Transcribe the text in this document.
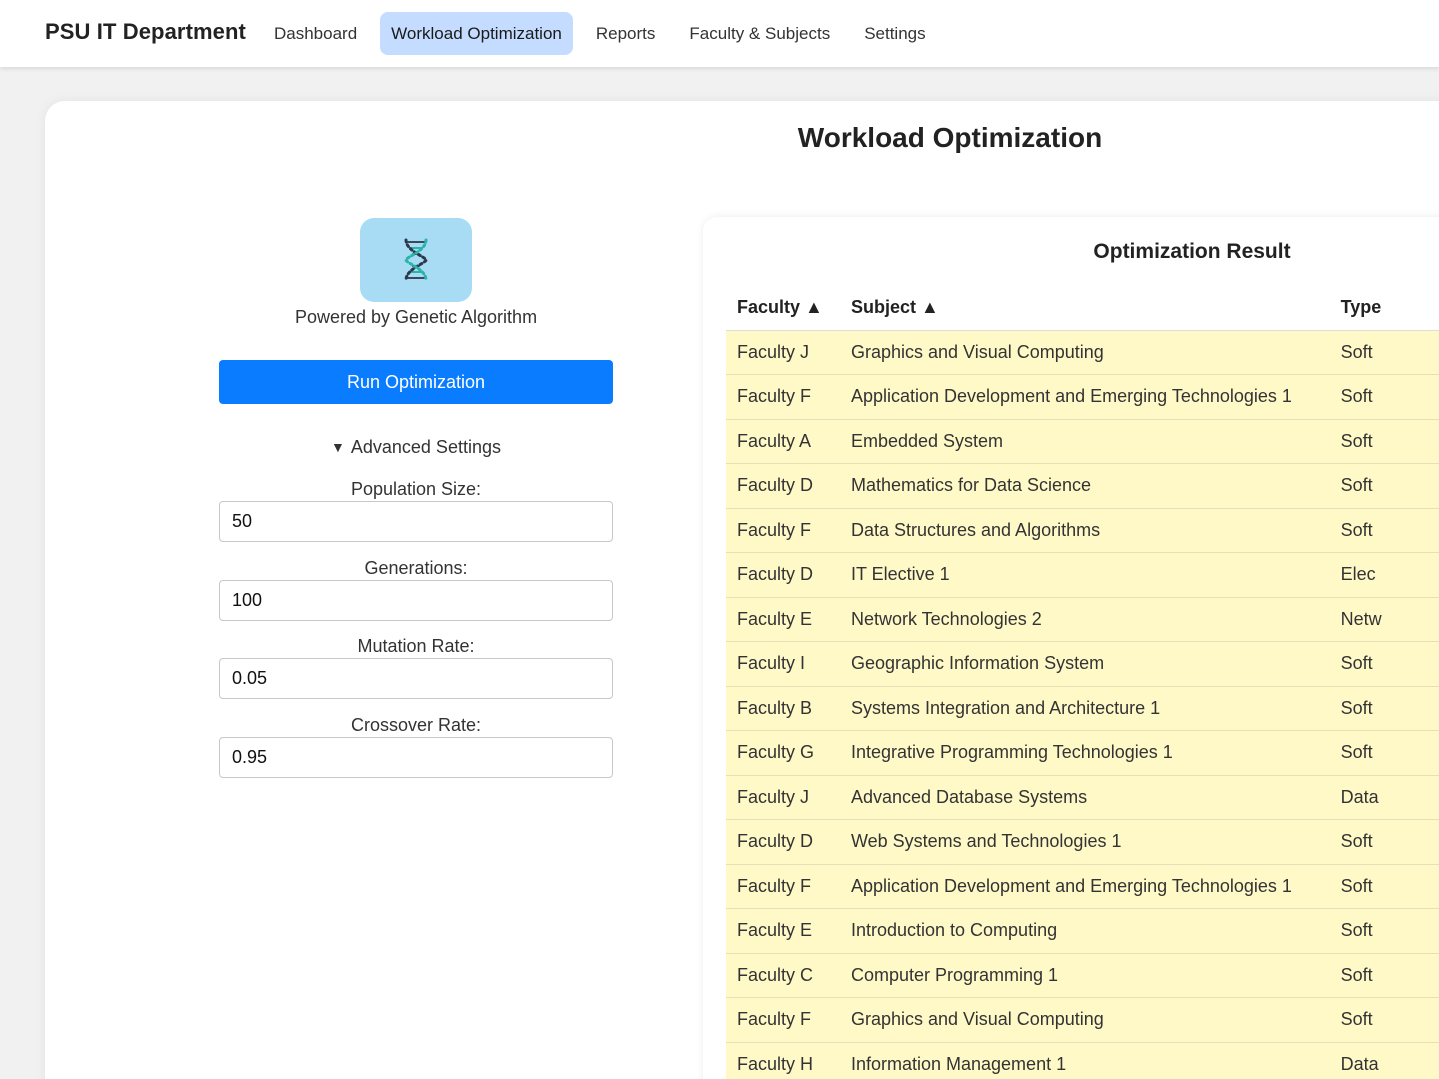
PSU IT Department	Dashboard	Workload Optimization	Reports	Faculty & Subjects	Settings
Workload Optimization
Powered by Genetic Algorithm
Run Optimization
▼ Advanced Settings
Population Size:
50
Generations:
100
Mutation Rate:
0.05
Crossover Rate:
0.95
Optimization Result
Faculty ▲	Subject ▲	Type
Faculty J	Graphics and Visual Computing	Soft
Faculty F	Application Development and Emerging Technologies 1	Soft
Faculty A	Embedded System	Soft
Faculty D	Mathematics for Data Science	Soft
Faculty F	Data Structures and Algorithms	Soft
Faculty D	IT Elective 1	Elec
Faculty E	Network Technologies 2	Netw
Faculty I	Geographic Information System	Soft
Faculty B	Systems Integration and Architecture 1	Soft
Faculty G	Integrative Programming Technologies 1	Soft
Faculty J	Advanced Database Systems	Data
Faculty D	Web Systems and Technologies 1	Soft
Faculty F	Application Development and Emerging Technologies 1	Soft
Faculty E	Introduction to Computing	Soft
Faculty C	Computer Programming 1	Soft
Faculty F	Graphics and Visual Computing	Soft
Faculty H	Information Management 1	Data
